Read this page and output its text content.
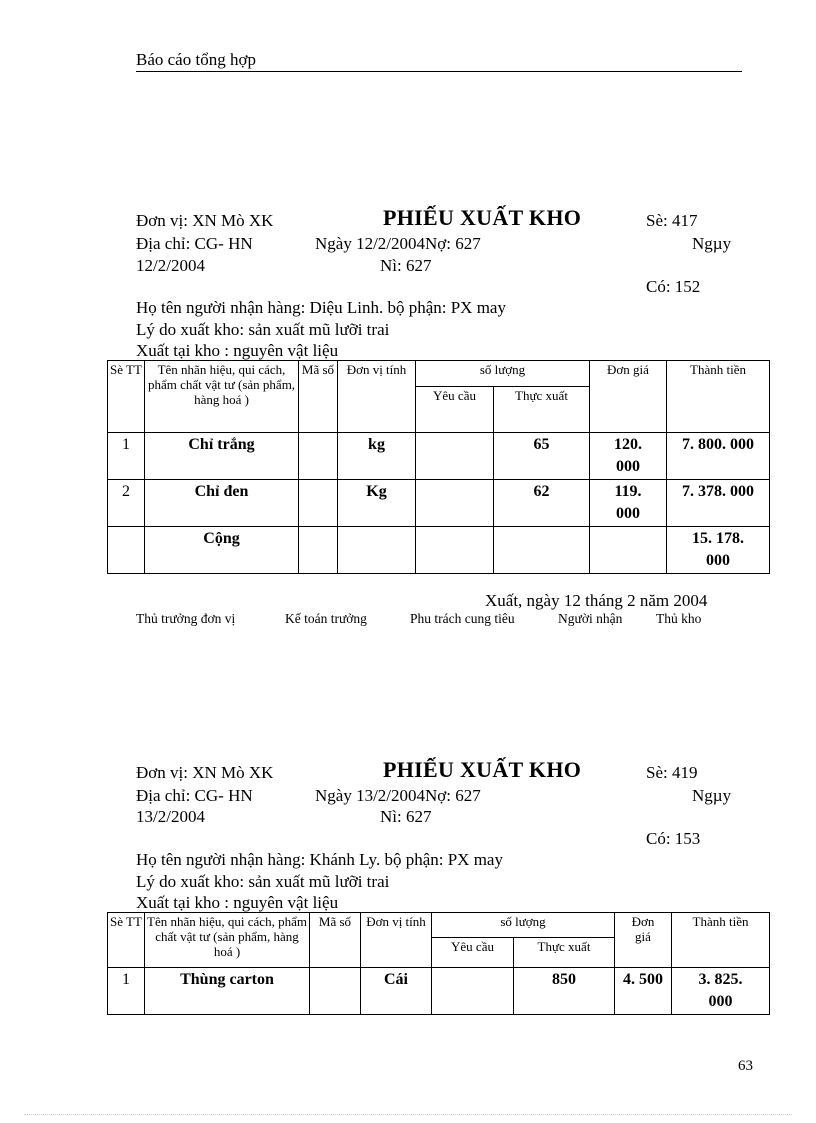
Báo cáo tổng hợp
Đơn vị: XN Mò XK	PHIẾU XUẤT KHO	Sè: 417
Địa chỉ: CG- HN	Ngày 12/2/2004Nợ: 627	Ngµy
12/2/2004	Nì: 627
Có: 152
Họ tên người nhận hàng: Diệu Linh. bộ phận: PX may
Lý do xuất kho: sản xuất mũ lưỡi trai
Xuất tại kho : nguyên vật liệu
Sè TT	Tên nhãn hiệu, qui cách, phẩm chất vật tư (sản phẩm, hàng hoá )	Mã số	Đơn vị tính	số lượng		Đơn giá	Thành tiền
				Yêu cầu	Thực xuất		
1	Chỉ trắng		kg		65	120. 000	7. 800. 000
2	Chỉ đen		Kg		62	119. 000	7. 378. 000
	Cộng						15. 178. 000
Xuất, ngày 12 tháng 2 năm 2004
Thủ trưởng đơn vị	Kế toán trưởng	Phu trách cung tiêu	Người nhận Thủ kho
Đơn vị: XN Mò XK	PHIẾU XUẤT KHO	Sè: 419
Địa chỉ: CG- HN	Ngày 13/2/2004Nợ: 627	Ngµy
13/2/2004	Nì: 627
Có: 153
Họ tên người nhận hàng: Khánh Ly. bộ phận: PX may
Lý do xuất kho: sản xuất mũ lưỡi trai
Xuất tại kho : nguyên vật liệu
Sè TT	Tên nhãn hiệu, qui cách, phẩm chất vật tư (sản phẩm, hàng hoá )	Mã số	Đơn vị tính	số lượng		Đơn giá	Thành tiền
				Yêu cầu	Thực xuất		
1	Thùng carton		Cái		850	4. 500	3. 825. 000
63
